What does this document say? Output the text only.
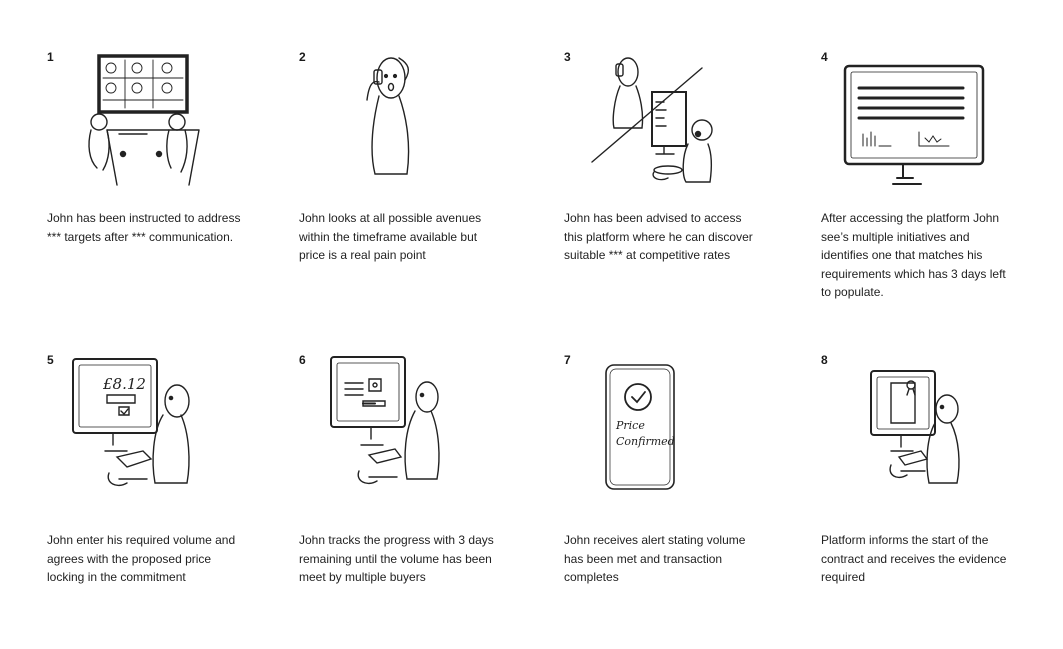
1
John has been instructed to address *** targets after *** communication.
2
John looks at all possible avenues within the timeframe available but price is a real pain point
3
John has been advised to access this platform where he can discover suitable *** at competitive rates
4
After accessing the platform John see’s multiple initiatives and identifies one that matches his requirements which has 3 days left to populate.
5
£8.12
John enter his required volume and agrees with the proposed price locking in the commitment
6
John tracks the progress with 3 days remaining until the volume has been meet by multiple buyers
7
Price
Confirmed
John receives alert stating volume has been met and transaction completes
8
Platform informs the start of the contract and receives the evidence required
